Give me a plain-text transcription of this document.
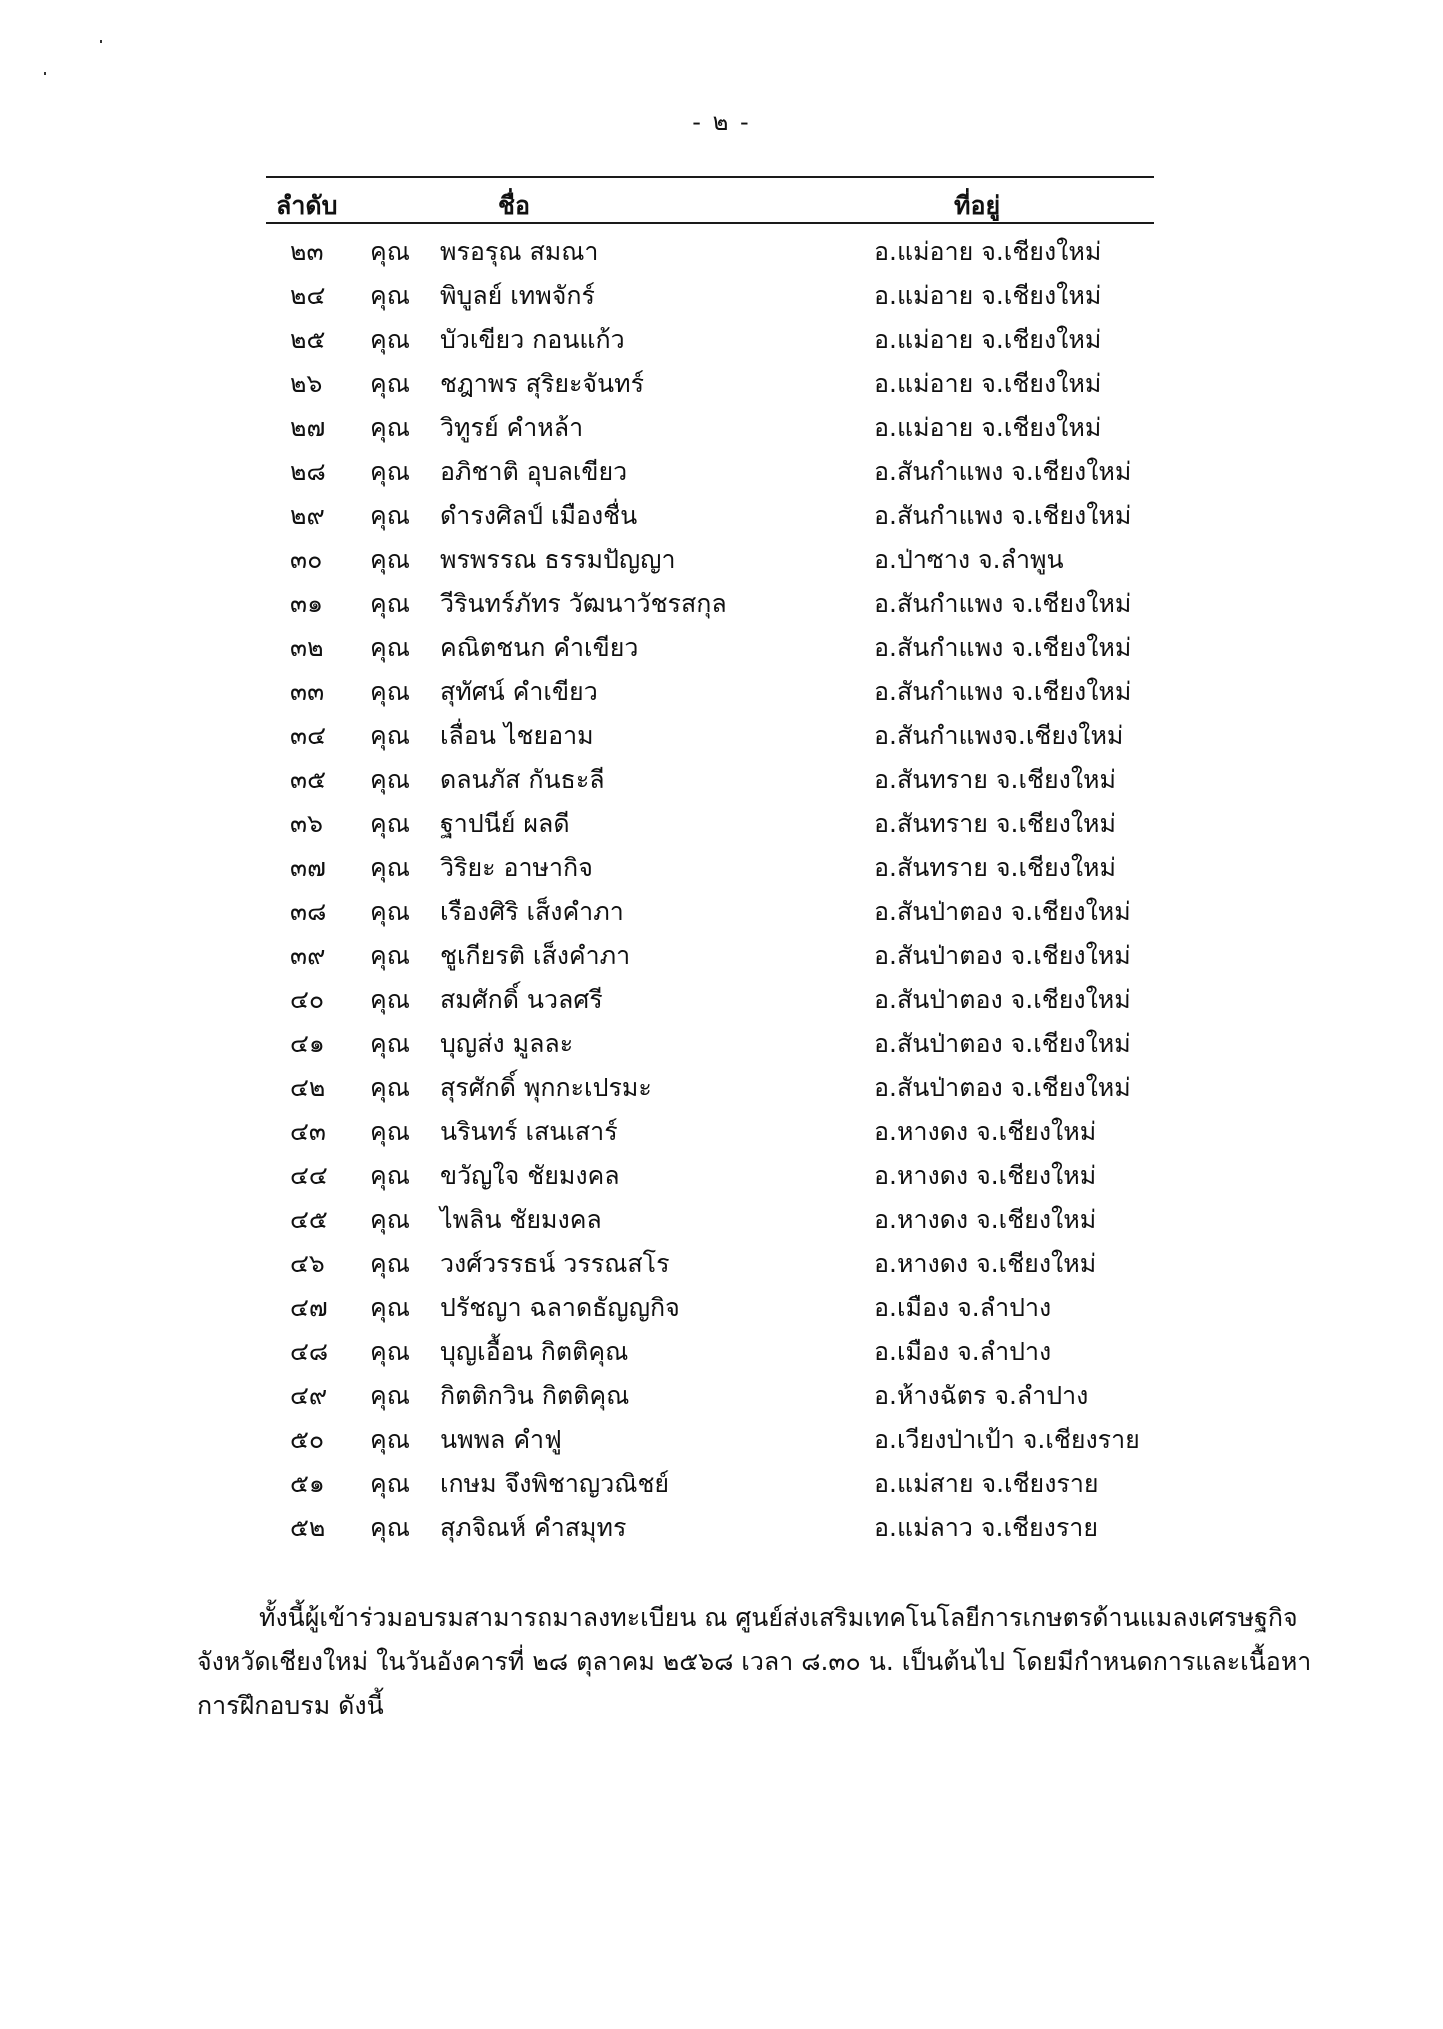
- ๒ -
ลำดับ	ชื่อ	ที่อยู่
๒๓ คุณ พรอรุณ สมณา	อ.แม่อาย จ.เชียงใหม่
๒๔ คุณ พิบูลย์ เทพจักร์	อ.แม่อาย จ.เชียงใหม่
๒๕ คุณ บัวเขียว กอนแก้ว	อ.แม่อาย จ.เชียงใหม่
๒๖ คุณ ชฎาพร สุริยะจันทร์	อ.แม่อาย จ.เชียงใหม่
๒๗ คุณ วิทูรย์ คำหล้า	อ.แม่อาย จ.เชียงใหม่
๒๘ คุณ อภิชาติ อุบลเขียว	อ.สันกำแพง จ.เชียงใหม่
๒๙ คุณ ดำรงศิลป์ เมืองชื่น	อ.สันกำแพง จ.เชียงใหม่
๓๐ คุณ พรพรรณ ธรรมปัญญา	อ.ป่าซาง จ.ลำพูน
๓๑ คุณ วีรินทร์ภัทร วัฒนาวัชรสกุล	อ.สันกำแพง จ.เชียงใหม่
๓๒ คุณ คณิตชนก คำเขียว	อ.สันกำแพง จ.เชียงใหม่
๓๓ คุณ สุทัศน์ คำเขียว	อ.สันกำแพง จ.เชียงใหม่
๓๔ คุณ เลื่อน ไชยอาม	อ.สันกำแพงจ.เชียงใหม่
๓๕ คุณ ดลนภัส กันธะลี	อ.สันทราย จ.เชียงใหม่
๓๖ คุณ ฐาปนีย์ ผลดี	อ.สันทราย จ.เชียงใหม่
๓๗ คุณ วิริยะ อาษากิจ	อ.สันทราย จ.เชียงใหม่
๓๘ คุณ เรืองศิริ เส็งคำภา	อ.สันป่าตอง จ.เชียงใหม่
๓๙ คุณ ชูเกียรติ เส็งคำภา	อ.สันป่าตอง จ.เชียงใหม่
๔๐ คุณ สมศักดิ์ นวลศรี	อ.สันป่าตอง จ.เชียงใหม่
๔๑ คุณ บุญส่ง มูลละ	อ.สันป่าตอง จ.เชียงใหม่
๔๒ คุณ สุรศักดิ์ พุกกะเปรมะ	อ.สันป่าตอง จ.เชียงใหม่
๔๓ คุณ นรินทร์ เสนเสาร์	อ.หางดง จ.เชียงใหม่
๔๔ คุณ ขวัญใจ ชัยมงคล	อ.หางดง จ.เชียงใหม่
๔๕ คุณ ไพลิน ชัยมงคล	อ.หางดง จ.เชียงใหม่
๔๖ คุณ วงศ์วรรธน์ วรรณสโร	อ.หางดง จ.เชียงใหม่
๔๗ คุณ ปรัชญา ฉลาดธัญญกิจ	อ.เมือง จ.ลำปาง
๔๘ คุณ บุญเอื้อน กิตติคุณ	อ.เมือง จ.ลำปาง
๔๙ คุณ กิตติกวิน กิตติคุณ	อ.ห้างฉัตร จ.ลำปาง
๕๐ คุณ นพพล คำฟู	อ.เวียงป่าเป้า จ.เชียงราย
๕๑ คุณ เกษม จึงพิชาญวณิชย์	อ.แม่สาย จ.เชียงราย
๕๒ คุณ สุภจิณห์ คำสมุทร	อ.แม่ลาว จ.เชียงราย

ทั้งนี้ผู้เข้าร่วมอบรมสามารถมาลงทะเบียน ณ ศูนย์ส่งเสริมเทคโนโลยีการเกษตรด้านแมลงเศรษฐกิจ

จังหวัดเชียงใหม่ ในวันอังคารที่ ๒๘ ตุลาคม ๒๕๖๘ เวลา ๘.๓๐ น. เป็นต้นไป โดยมีกำหนดการและเนื้อหา

การฝึกอบรม ดังนี้
